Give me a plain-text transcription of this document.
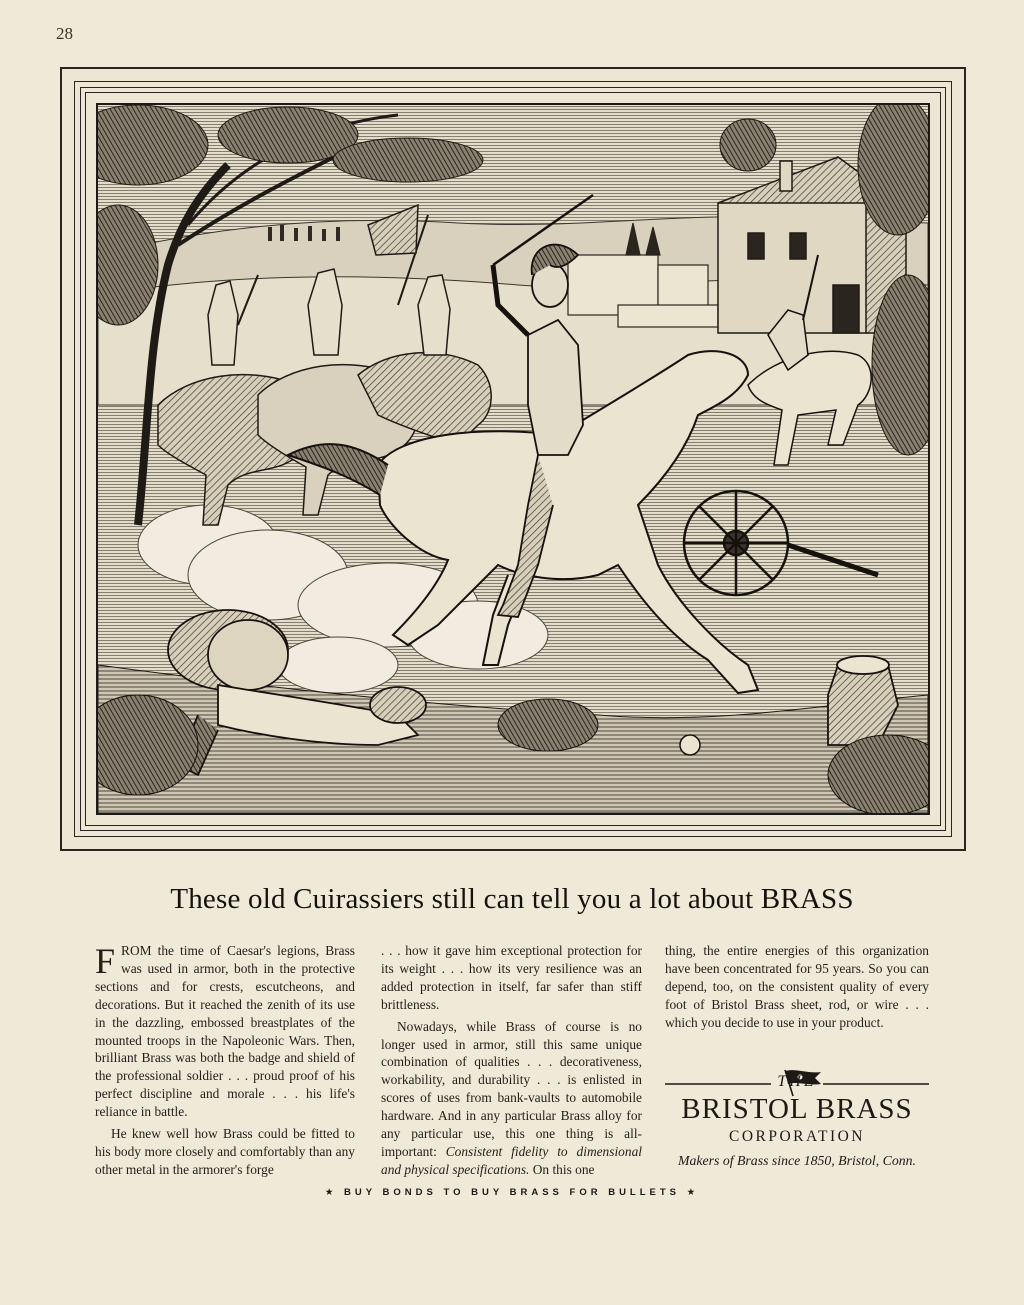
28
These old Cuirassiers still can tell you a lot about BRASS

FROM the time of Caesar's legions, Brass was used in armor, both in the protective sections and for crests, escutcheons, and decorations. But it reached the zenith of its use in the dazzling, embossed breastplates of the mounted troops in the Napoleonic Wars. Then, brilliant Brass was both the badge and shield of the professional soldier . . . proud proof of his perfect discipline and morale . . . his life's reliance in battle.

He knew well how Brass could be fitted to his body more closely and comfortably than any other metal in the armorer's forge

. . . how it gave him exceptional protection for its weight . . . how its very resilience was an added protection in itself, far safer than stiff brittleness.

Nowadays, while Brass of course is no longer used in armor, still this same unique combination of qualities . . . decorativeness, workability, and durability . . . is enlisted in scores of uses from bank-vaults to automobile hardware. And in any particular Brass alloy for any particular use, this one thing is all-important: Consistent fidelity to dimensional and physical specifications. On this one

thing, the entire energies of this organization have been concentrated for 95 years. So you can depend, too, on the consistent quality of every foot of Bristol Brass sheet, rod, or wire . . . which you decide to use in your product.

THE
BRISTOL BRASS
CORPORATION
Makers of Brass since 1850, Bristol, Conn.
★ BUY BONDS TO BUY BRASS FOR BULLETS ★
